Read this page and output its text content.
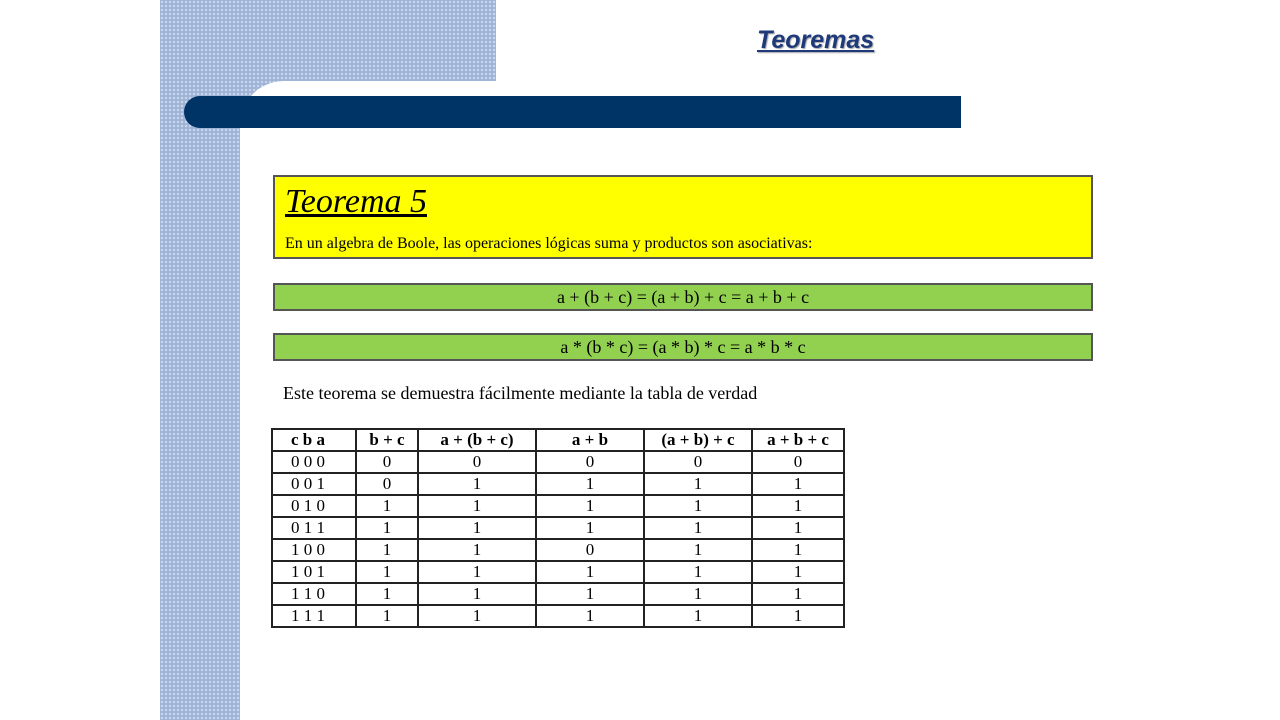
Teoremas
Teorema 5
En un algebra de Boole, las operaciones lógicas suma y productos son asociativas:
a + (b + c) = (a + b) + c = a + b + c
a * (b * c) = (a * b) * c = a * b * c
Este teorema se demuestra fácilmente mediante la tabla de verdad
c b a	b + c	a + (b + c)	a + b	(a + b) + c	a + b + c
0 0 0	0	0	0	0	0
0 0 1	0	1	1	1	1
0 1 0	1	1	1	1	1
0 1 1	1	1	1	1	1
1 0 0	1	1	0	1	1
1 0 1	1	1	1	1	1
1 1 0	1	1	1	1	1
1 1 1	1	1	1	1	1
